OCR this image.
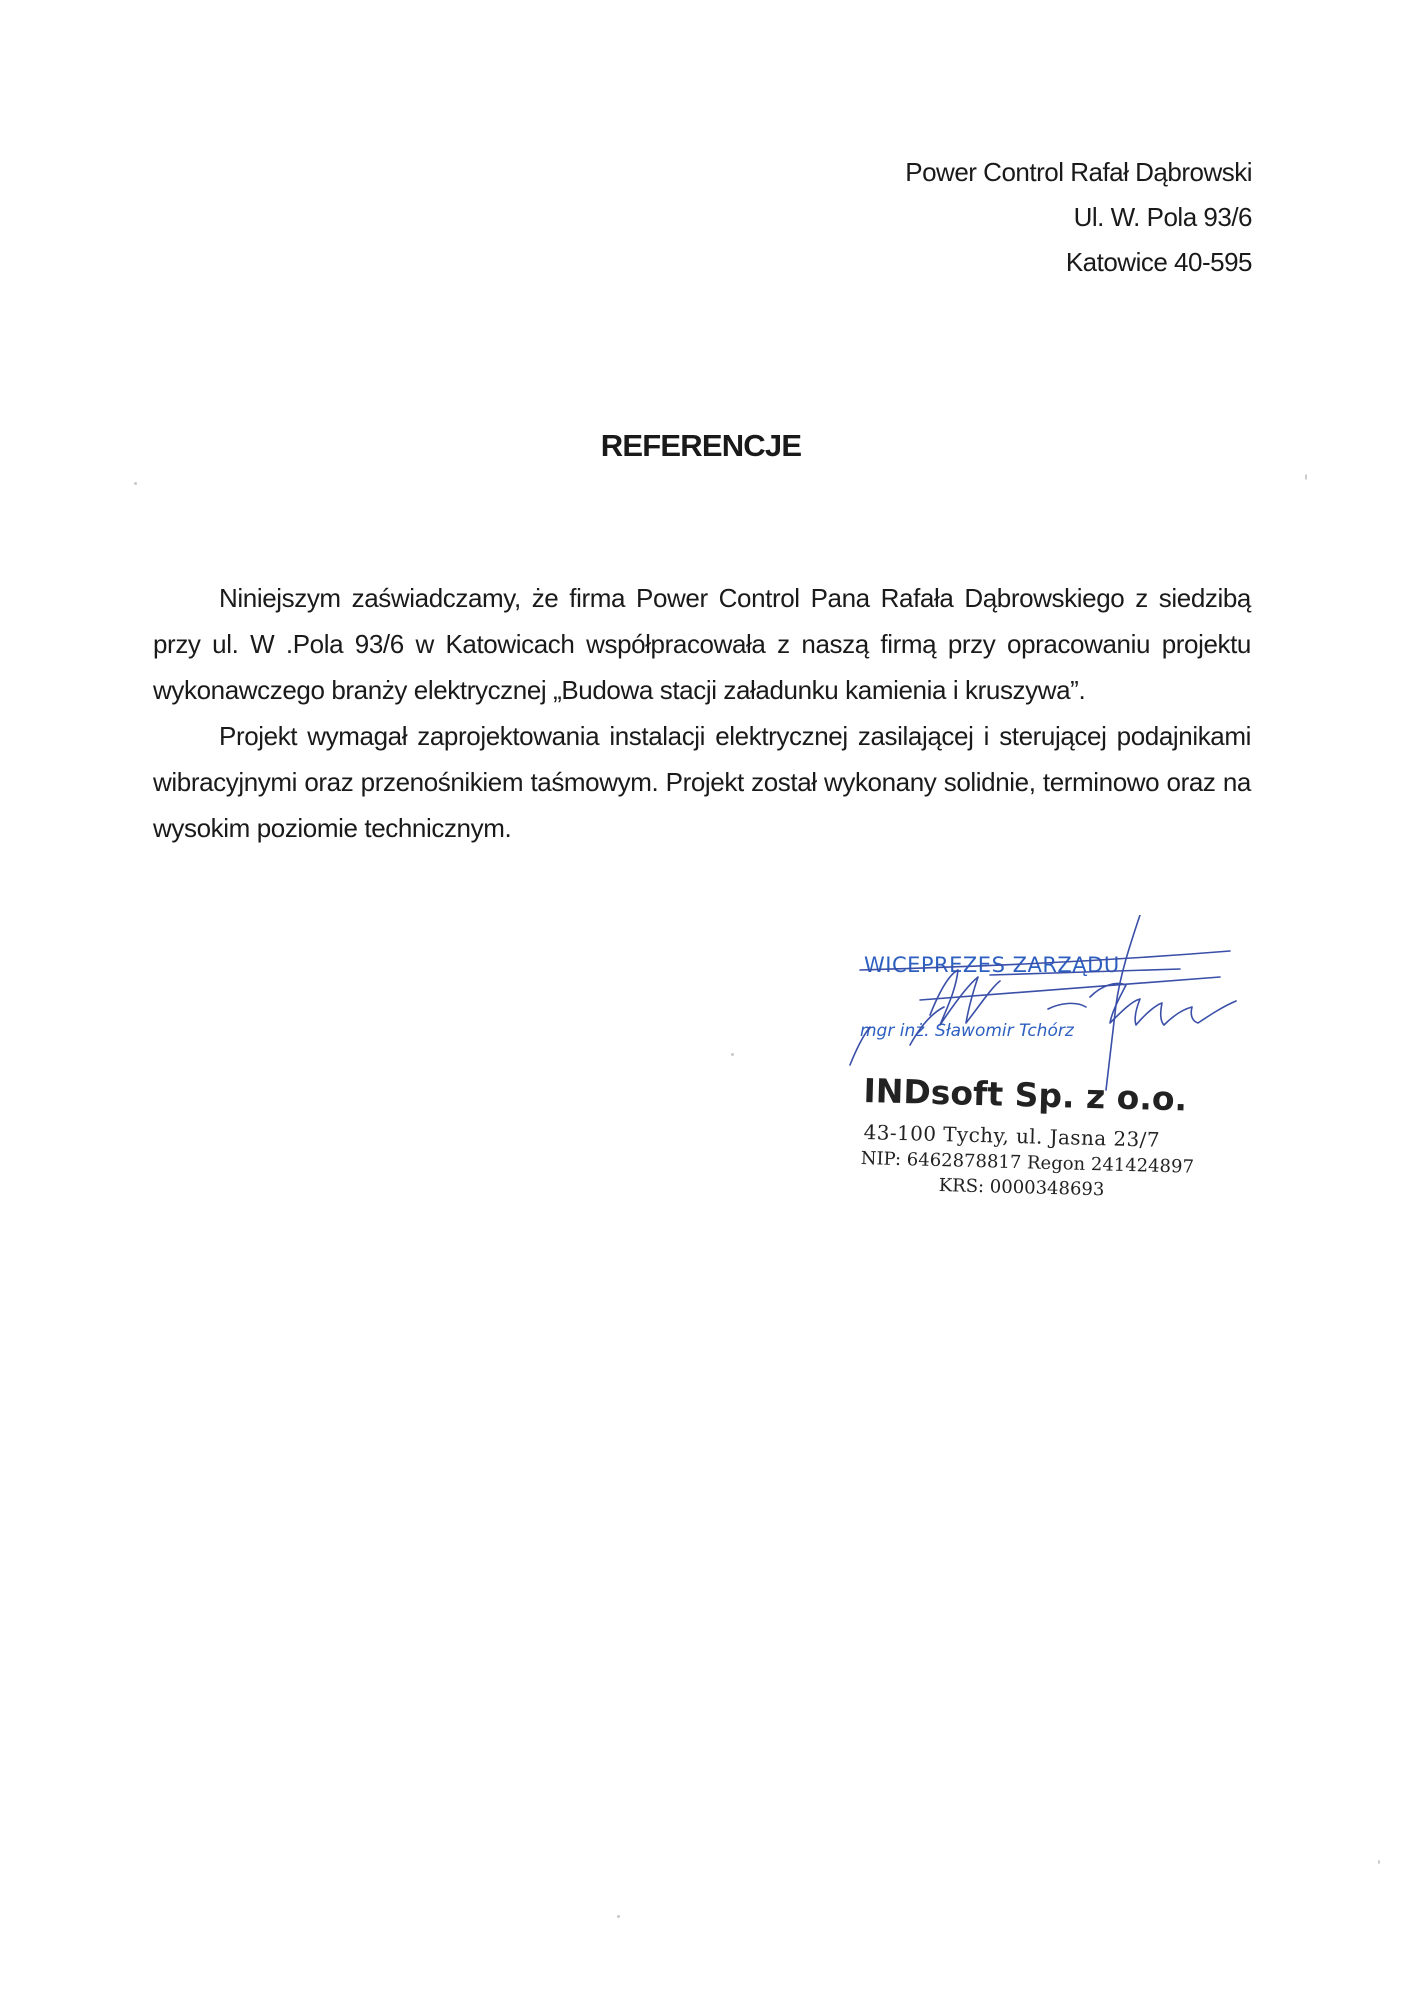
Power Control Rafał Dąbrowski
Ul. W. Pola 93/6
Katowice 40-595
REFERENCJE

Niniejszym zaświadczamy, że firma Power Control Pana Rafała Dąbrowskiego z siedzibą przy ul. W .Pola 93/6 w Katowicach współpracowała z naszą firmą przy opracowaniu projektu wykonawczego branży elektrycznej „Budowa stacji załadunku kamienia i kruszywa”.

Projekt wymagał zaprojektowania instalacji elektrycznej zasilającej i sterującej podajnikami wibracyjnymi oraz przenośnikiem taśmowym. Projekt został wykonany solidnie, terminowo oraz na wysokim poziomie technicznym.

WICEPREZES ZARZĄDU
mgr inż. Sławomir Tchórz
INDsoft Sp. z o.o.
43-100 Tychy, ul. Jasna 23/7
NIP: 6462878817 Regon 241424897
KRS: 0000348693
